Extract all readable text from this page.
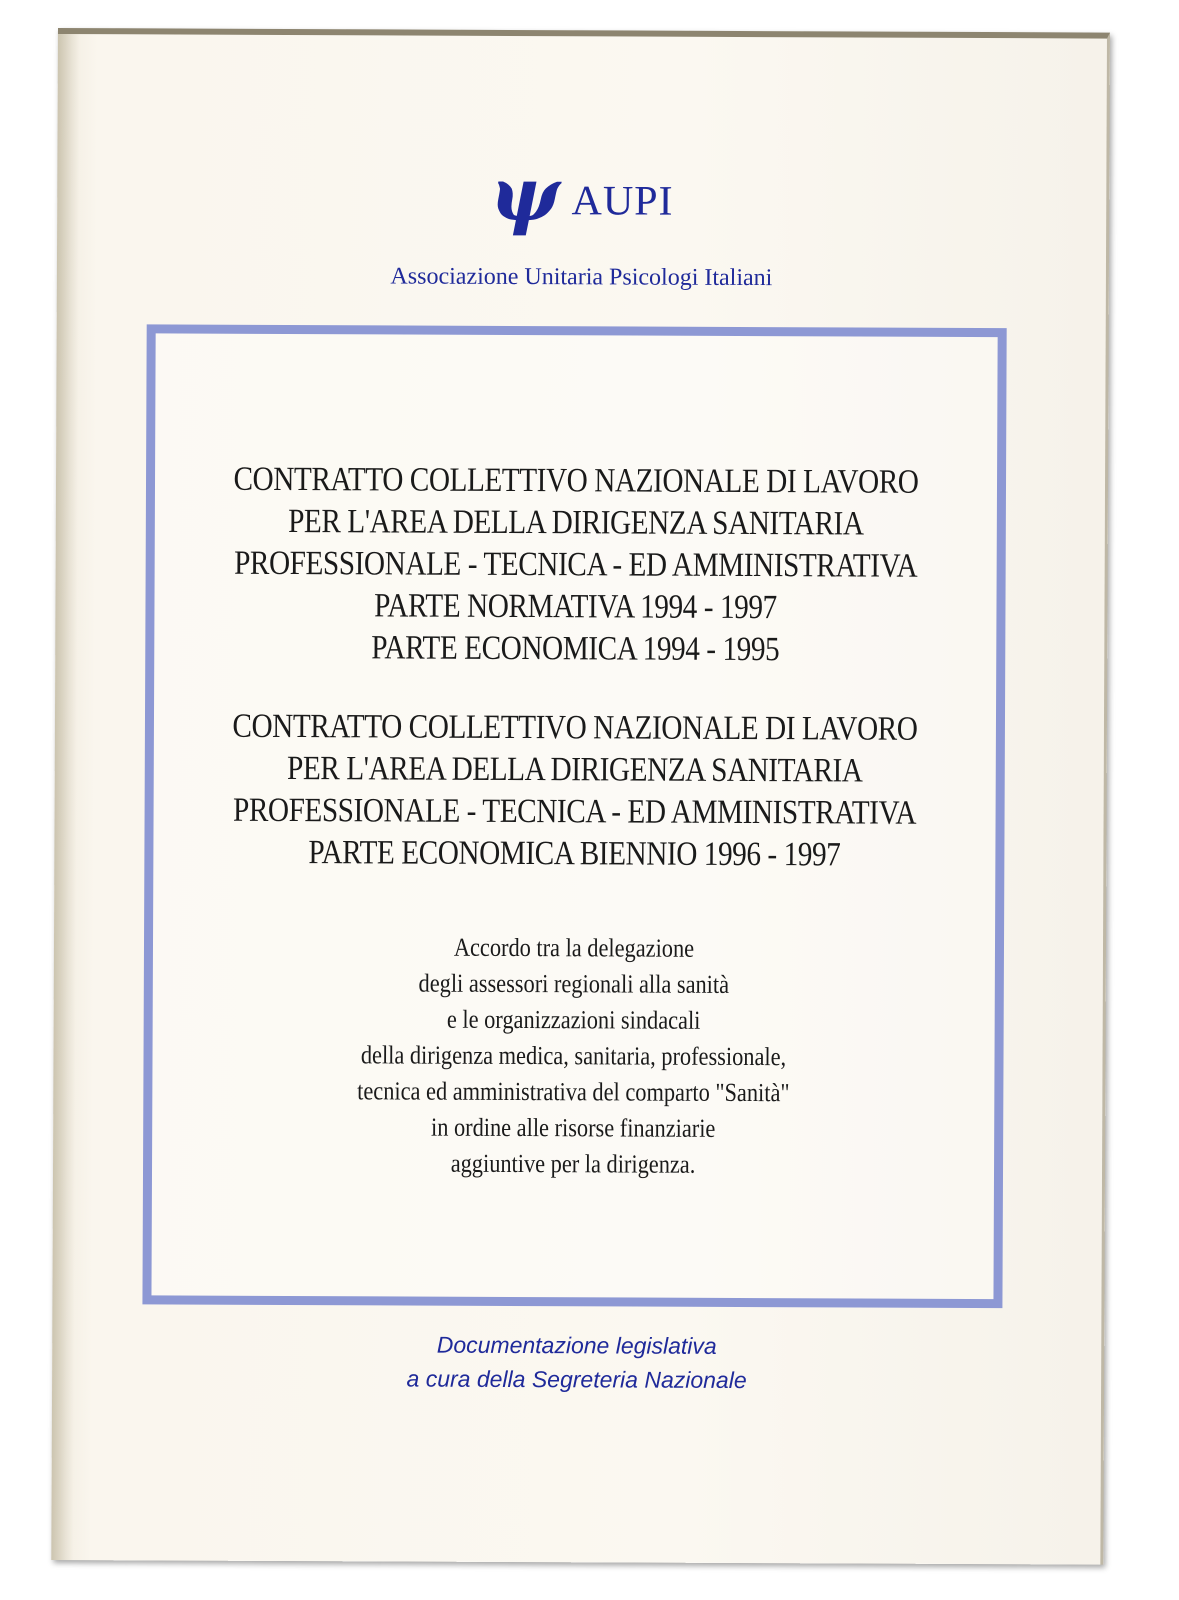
ψ AUPI
Associazione Unitaria Psicologi Italiani
CONTRATTO COLLETTIVO NAZIONALE DI LAVORO
PER L'AREA DELLA DIRIGENZA SANITARIA
PROFESSIONALE - TECNICA - ED AMMINISTRATIVA
PARTE NORMATIVA 1994 - 1997
PARTE ECONOMICA 1994 - 1995
CONTRATTO COLLETTIVO NAZIONALE DI LAVORO
PER L'AREA DELLA DIRIGENZA SANITARIA
PROFESSIONALE - TECNICA - ED AMMINISTRATIVA
PARTE ECONOMICA BIENNIO 1996 - 1997
Accordo tra la delegazione
degli assessori regionali alla sanità
e le organizzazioni sindacali
della dirigenza medica, sanitaria, professionale,
tecnica ed amministrativa del comparto "Sanità"
in ordine alle risorse finanziarie
aggiuntive per la dirigenza.
Documentazione legislativa
a cura della Segreteria Nazionale
